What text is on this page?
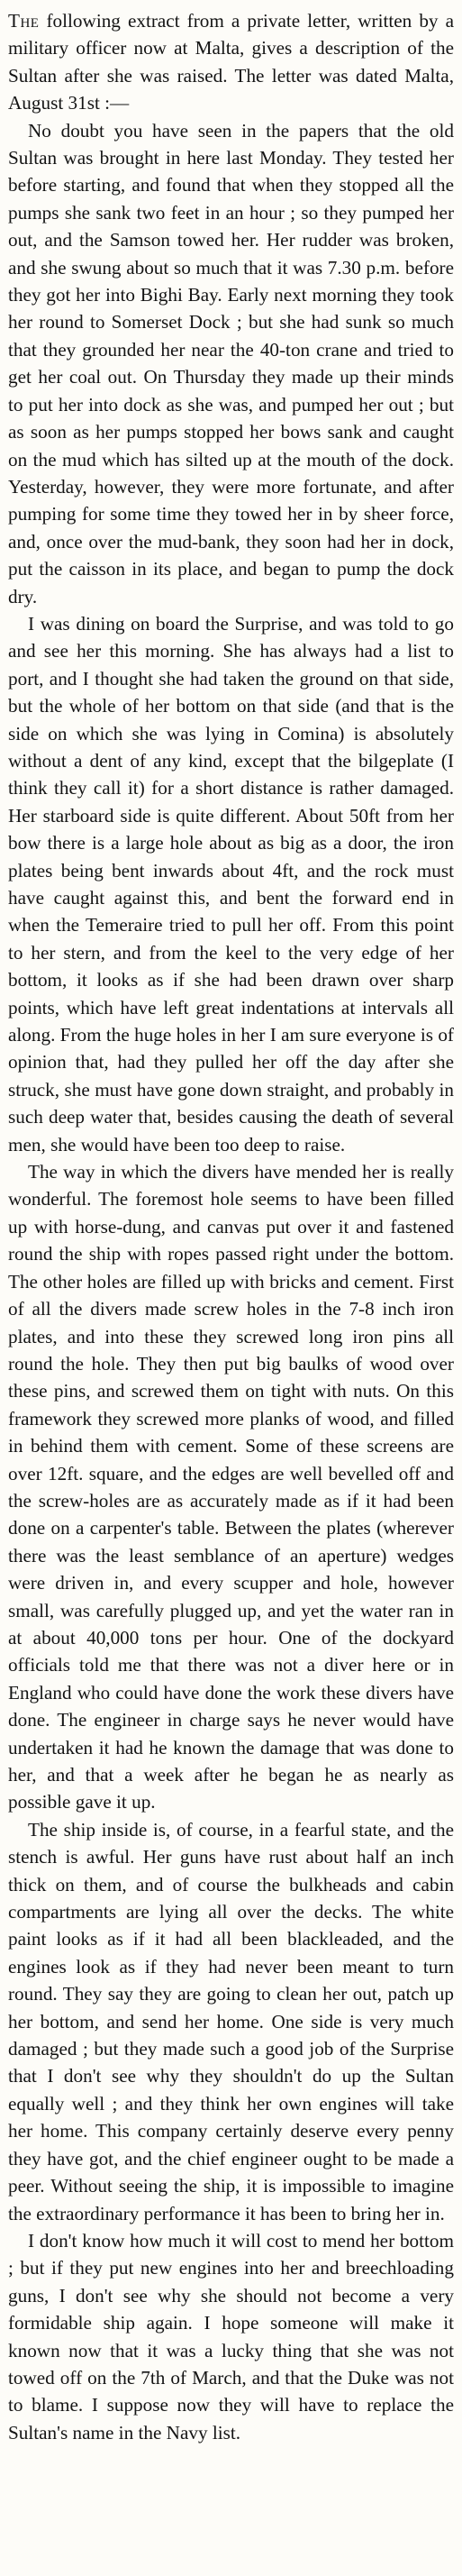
The following extract from a private letter, written by a military officer now at Malta, gives a description of the Sultan after she was raised. The letter was dated Malta, August 31st :—

No doubt you have seen in the papers that the old Sultan was brought in here last Monday. They tested her before starting, and found that when they stopped all the pumps she sank two feet in an hour ; so they pumped her out, and the Samson towed her. Her rudder was broken, and she swung about so much that it was 7.30 p.m. before they got her into Bighi Bay. Early next morning they took her round to Somerset Dock ; but she had sunk so much that they grounded her near the 40-ton crane and tried to get her coal out. On Thursday they made up their minds to put her into dock as she was, and pumped her out ; but as soon as her pumps stopped her bows sank and caught on the mud which has silted up at the mouth of the dock. Yesterday, however, they were more fortunate, and after pumping for some time they towed her in by sheer force, and, once over the mud-bank, they soon had her in dock, put the caisson in its place, and began to pump the dock dry.

I was dining on board the Surprise, and was told to go and see her this morning. She has always had a list to port, and I thought she had taken the ground on that side, but the whole of her bottom on that side (and that is the side on which she was lying in Comina) is absolutely without a dent of any kind, except that the bilgeplate (I think they call it) for a short distance is rather damaged. Her starboard side is quite different. About 50ft from her bow there is a large hole about as big as a door, the iron plates being bent inwards about 4ft, and the rock must have caught against this, and bent the forward end in when the Temeraire tried to pull her off. From this point to her stern, and from the keel to the very edge of her bottom, it looks as if she had been drawn over sharp points, which have left great indentations at intervals all along. From the huge holes in her I am sure everyone is of opinion that, had they pulled her off the day after she struck, she must have gone down straight, and probably in such deep water that, besides causing the death of several men, she would have been too deep to raise.

The way in which the divers have mended her is really wonderful. The foremost hole seems to have been filled up with horse-dung, and canvas put over it and fastened round the ship with ropes passed right under the bottom. The other holes are filled up with bricks and cement. First of all the divers made screw holes in the 7-8 inch iron plates, and into these they screwed long iron pins all round the hole. They then put big baulks of wood over these pins, and screwed them on tight with nuts. On this framework they screwed more planks of wood, and filled in behind them with cement. Some of these screens are over 12ft. square, and the edges are well bevelled off and the screw-holes are as accurately made as if it had been done on a carpenter's table. Between the plates (wherever there was the least semblance of an aperture) wedges were driven in, and every scupper and hole, however small, was carefully plugged up, and yet the water ran in at about 40,000 tons per hour. One of the dockyard officials told me that there was not a diver here or in England who could have done the work these divers have done. The engineer in charge says he never would have undertaken it had he known the damage that was done to her, and that a week after he began he as nearly as possible gave it up.

The ship inside is, of course, in a fearful state, and the stench is awful. Her guns have rust about half an inch thick on them, and of course the bulkheads and cabin compartments are lying all over the decks. The white paint looks as if it had all been blackleaded, and the engines look as if they had never been meant to turn round. They say they are going to clean her out, patch up her bottom, and send her home. One side is very much damaged ; but they made such a good job of the Surprise that I don't see why they shouldn't do up the Sultan equally well ; and they think her own engines will take her home. This company certainly deserve every penny they have got, and the chief engineer ought to be made a peer. Without seeing the ship, it is impossible to imagine the extraordinary performance it has been to bring her in.

I don't know how much it will cost to mend her bottom ; but if they put new engines into her and breechloading guns, I don't see why she should not become a very formidable ship again. I hope someone will make it known now that it was a lucky thing that she was not towed off on the 7th of March, and that the Duke was not to blame. I suppose now they will have to replace the Sultan's name in the Navy list.
